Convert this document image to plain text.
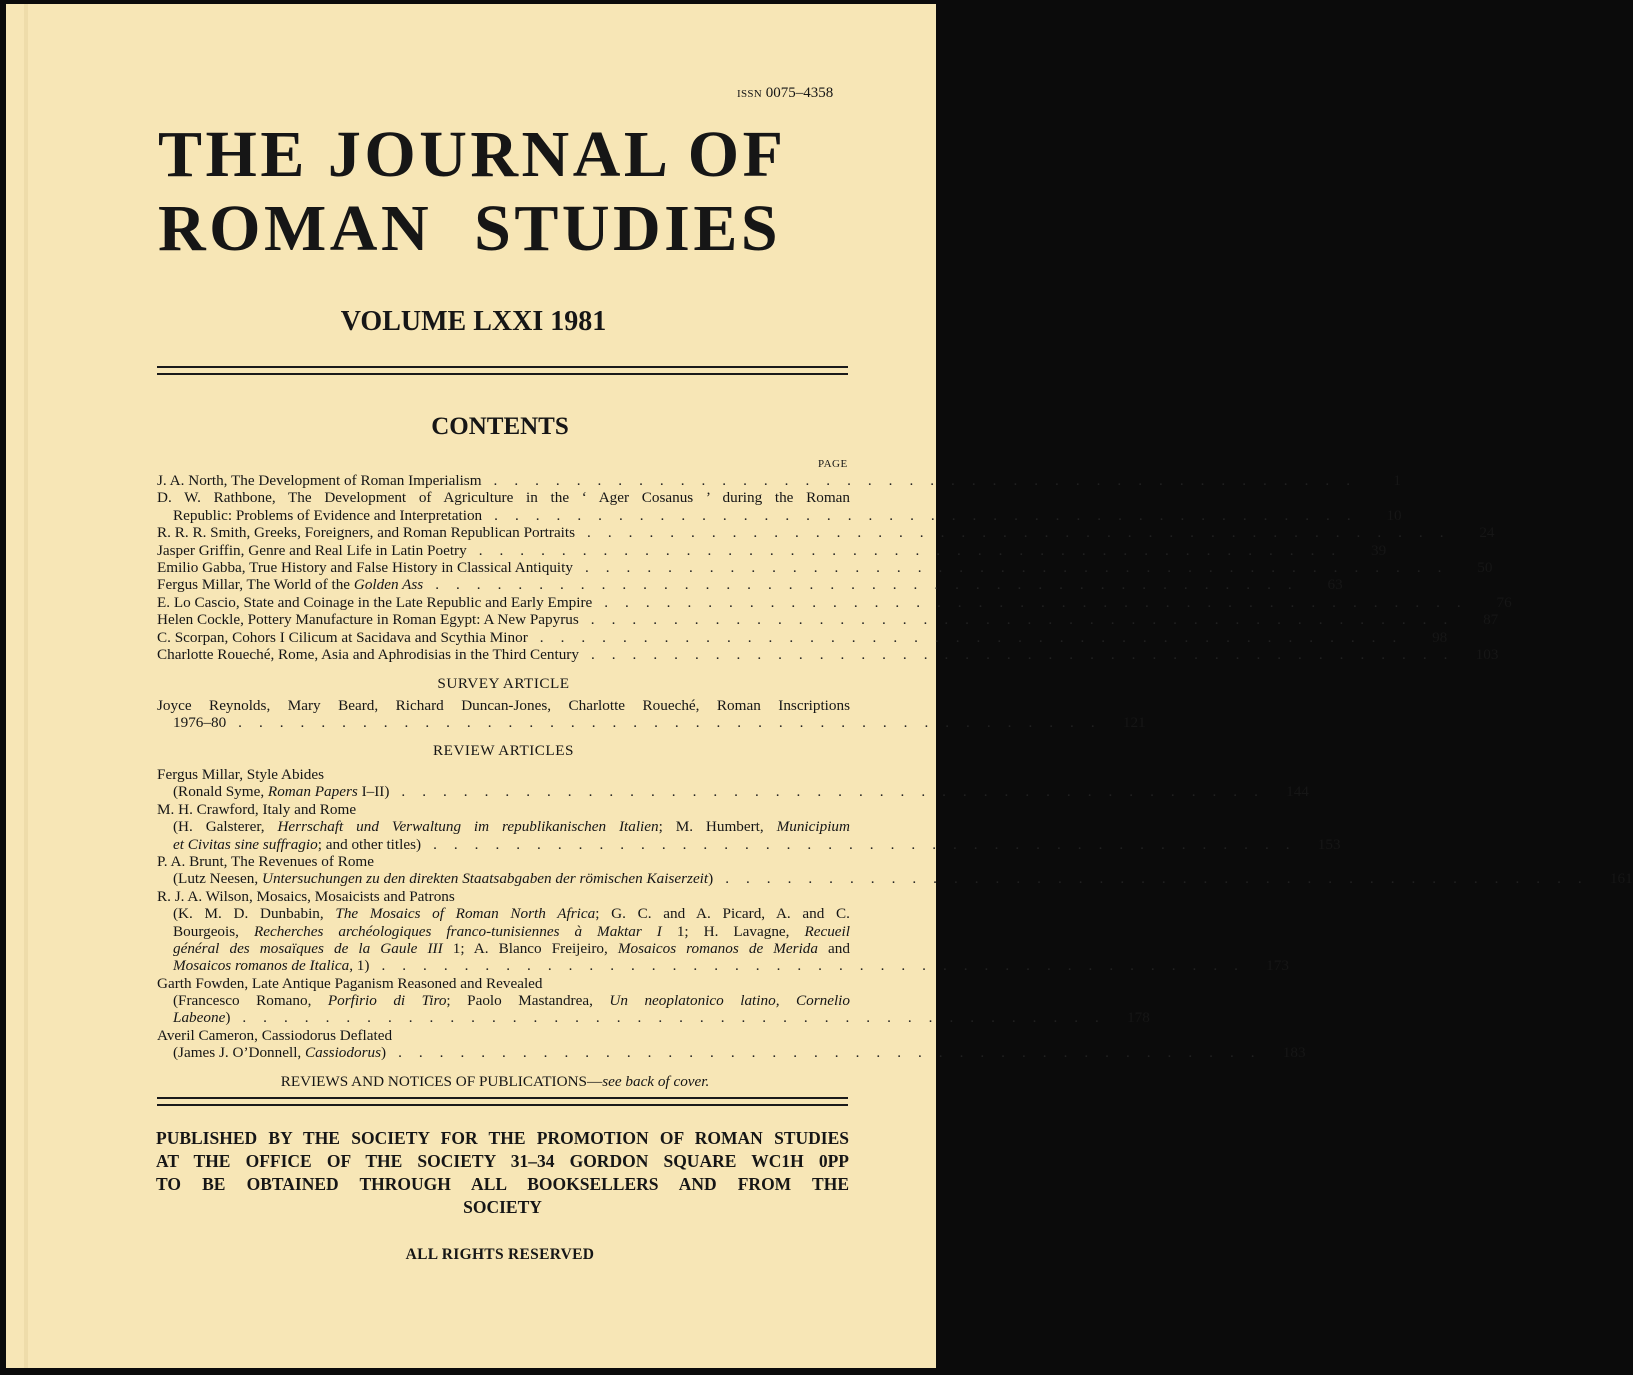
ISSN 0075–4358
THE JOURNAL OF
ROMAN STUDIES
VOLUME LXXI 1981
CONTENTS
PAGE
J. A. North, The Development of Roman Imperialism ..........................................	1
D. W. Rathbone, The Development of Agriculture in the ‘ Ager Cosanus ’ during the Roman
Republic: Problems of Evidence and Interpretation ..........................................	10
R. R. R. Smith, Greeks, Foreigners, and Roman Republican Portraits ..........................................	24
Jasper Griffin, Genre and Real Life in Latin Poetry ..........................................	39
Emilio Gabba, True History and False History in Classical Antiquity ..........................................	50
Fergus Millar, The World of the Golden Ass ..........................................	63
E. Lo Cascio, State and Coinage in the Late Republic and Early Empire ..........................................	76
Helen Cockle, Pottery Manufacture in Roman Egypt: A New Papyrus ..........................................	87
C. Scorpan, Cohors I Cilicum at Sacidava and Scythia Minor ..........................................	98
Charlotte Roueché, Rome, Asia and Aphrodisias in the Third Century .......................................... 103
SURVEY ARTICLE
Joyce Reynolds, Mary Beard, Richard Duncan-Jones, Charlotte Roueché, Roman Inscriptions
1976–80 .......................................... 121
REVIEW ARTICLES
Fergus Millar, Style Abides
(Ronald Syme, Roman Papers I–II) .......................................... 144
M. H. Crawford, Italy and Rome
(H. Galsterer, Herrschaft und Verwaltung im republikanischen Italien; M. Humbert, Municipium
et Civitas sine suffragio; and other titles) .......................................... 153
P. A. Brunt, The Revenues of Rome
(Lutz Neesen, Untersuchungen zu den direkten Staatsabgaben der römischen Kaiserzeit) .......................................... 161
R. J. A. Wilson, Mosaics, Mosaicists and Patrons
(K. M. D. Dunbabin, The Mosaics of Roman North Africa; G. C. and A. Picard, A. and C.
Bourgeois, Recherches archéologiques franco-tunisiennes à Maktar I 1; H. Lavagne, Recueil
général des mosaïques de la Gaule III 1; A. Blanco Freijeiro, Mosaicos romanos de Merida and
Mosaicos romanos de Italica, 1) .......................................... 173
Garth Fowden, Late Antique Paganism Reasoned and Revealed
(Francesco Romano, Porfirio di Tiro; Paolo Mastandrea, Un neoplatonico latino, Cornelio
Labeone) .......................................... 178
Averil Cameron, Cassiodorus Deflated
(James J. O’Donnell, Cassiodorus) .......................................... 183
REVIEWS AND NOTICES OF PUBLICATIONS—see back of cover.
PUBLISHED BY THE SOCIETY FOR THE PROMOTION OF ROMAN STUDIES
AT THE OFFICE OF THE SOCIETY 31–34 GORDON SQUARE WC1H 0PP
TO BE OBTAINED THROUGH ALL BOOKSELLERS AND FROM THE
SOCIETY
ALL RIGHTS RESERVED
